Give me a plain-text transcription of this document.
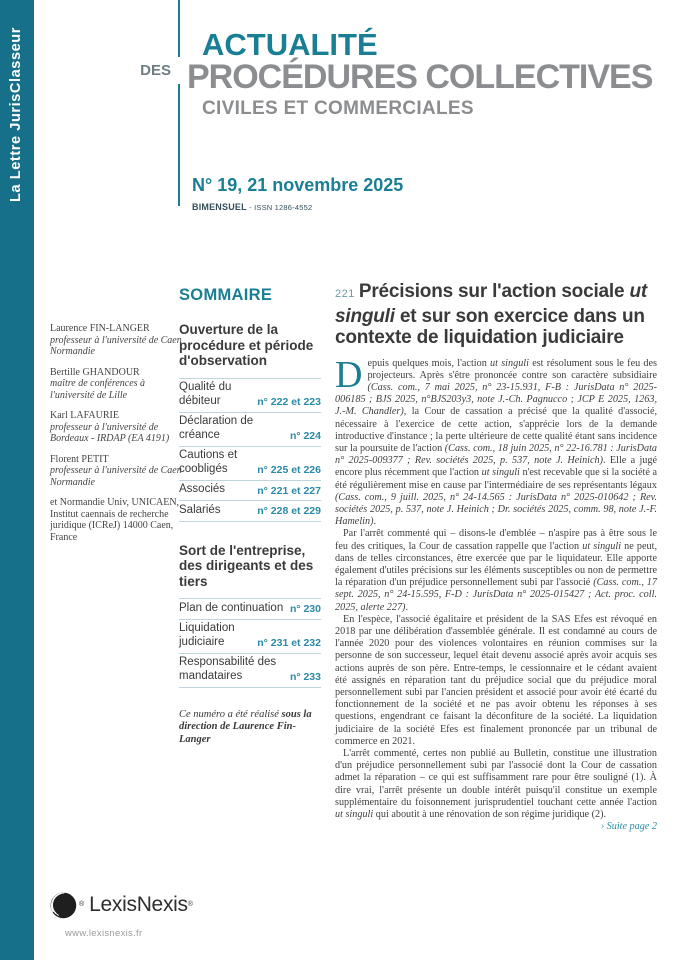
La Lettre JurisClasseur	ACTUALITÉ
DES PROCÉDURES COLLECTIVES
CIVILES ET COMMERCIALES
N° 19, 21 novembre 2025
BIMENSUEL - ISSN 1286-4552
Laurence FIN-LANGER
professeur à l'université de Caen Normandie
Bertille GHANDOUR
maître de conférences à l'université de Lille
Karl LAFAURIE
professeur à l'université de Bordeaux - IRDAP (EA 4191)
Florent PETIT
professeur à l'université de Caen Normandie
et Normandie Univ, UNICAEN, Institut caennais de recherche juridique (ICReJ) 14000 Caen, France
SOMMAIRE
Ouverture de la procédure et période d'observation
Qualité du débiteur	n° 222 et 223
Déclaration de créance	n° 224
Cautions et coobligés	n° 225 et 226
Associés	n° 221 et 227
Salariés	n° 228 et 229
Sort de l'entreprise, des dirigeants et des tiers
Plan de continuation n° 230
Liquidation judiciaire	n° 231 et 232
Responsabilité des mandataires	n° 233
Ce numéro a été réalisé sous la direction de Laurence Fin-Langer
221 Précisions sur l'action sociale ut singuli et sur son exercice dans un contexte de liquidation judiciaire

Depuis quelques mois, l'action ut singuli est résolument sous le feu des projecteurs. Après s'être prononcée contre son caractère subsidiaire (Cass. com., 7 mai 2025, n° 23-15.931, F-B : JurisData n° 2025-006185 ; BJS 2025, n°BJS203y3, note J.-Ch. Pagnucco ; JCP E 2025, 1263, J.-M. Chandler), la Cour de cassation a précisé que la qualité d'associé, nécessaire à l'exercice de cette action, s'apprécie lors de la demande introductive d'instance ; la perte ultérieure de cette qualité étant sans incidence sur la poursuite de l'action (Cass. com., 18 juin 2025, n° 22-16.781 : JurisData n° 2025-009377 ; Rev. sociétés 2025, p. 537, note J. Heinich). Elle a jugé encore plus récemment que l'action ut singuli n'est recevable que si la société a été régulièrement mise en cause par l'intermédiaire de ses représentants légaux (Cass. com., 9 juill. 2025, n° 24-14.565 : JurisData n° 2025-010642 ; Rev. sociétés 2025, p. 537, note J. Heinich ; Dr. sociétés 2025, comm. 98, note J.-F. Hamelin).

Par l'arrêt commenté qui – disons-le d'emblée – n'aspire pas à être sous le feu des critiques, la Cour de cassation rappelle que l'action ut singuli ne peut, dans de telles circonstances, être exercée que par le liquidateur. Elle apporte également d'utiles précisions sur les éléments susceptibles ou non de permettre la réparation d'un préjudice personnellement subi par l'associé (Cass. com., 17 sept. 2025, n° 24-15.595, F-D : JurisData n° 2025-015427 ; Act. proc. coll. 2025, alerte 227).

En l'espèce, l'associé égalitaire et président de la SAS Efes est révoqué en 2018 par une délibération d'assemblée générale. Il est condamné au cours de l'année 2020 pour des violences volontaires en réunion commises sur la personne de son successeur, lequel était devenu associé après avoir acquis ses actions auprès de son père. Entre-temps, le cessionnaire et le cédant avaient été assignés en réparation tant du préjudice social que du préjudice moral personnellement subi par l'ancien président et associé pour avoir été écarté du fonctionnement de la société et ne pas avoir obtenu les réponses à ses questions, engendrant ce faisant la déconfiture de la société. La liquidation judiciaire de la société Efes est finalement prononcée par un tribunal de commerce en 2021.

L'arrêt commenté, certes non publié au Bulletin, constitue une illustration d'un préjudice personnellement subi par l'associé dont la Cour de cassation admet la réparation – ce qui est suffisamment rare pour être souligné (1). À dire vrai, l'arrêt présente un double intérêt puisqu'il constitue un exemple supplémentaire du foisonnement jurisprudentiel touchant cette année l'action ut singuli qui aboutit à une rénovation de son régime juridique (2).
› Suite page 2

® LexisNexis ®
www.lexisnexis.fr
